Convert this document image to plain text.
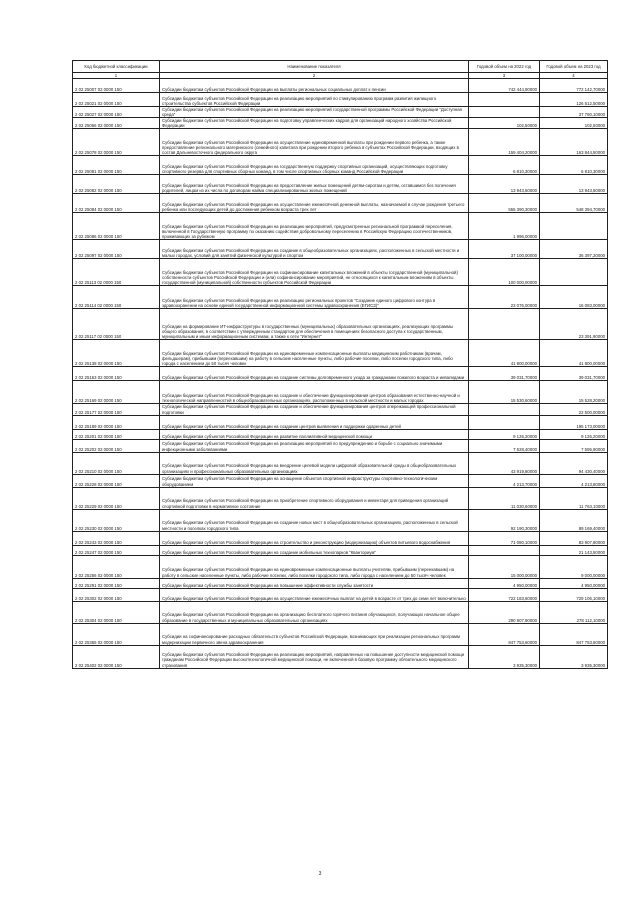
Код бюджетной классификации	Наименование показателя	Годовой объем на 2022 год	Годовой объем на 2023 год
1	2	3	4
2 02 25007 02 0000 150	Субсидии бюджетам субъектов Российской Федерации на выплаты региональных социальных доплат к пенсии	742 444,90000	772 142,70000
2 02 25021 02 0000 150	Субсидии бюджетам субъектов Российской Федерации на реализацию мероприятий по стимулированию программ развития жилищного строительства субъектов Российской Федерации		126 512,50000
2 02 25027 02 0000 150	Субсидии бюджетам субъектов Российской Федерации на реализацию мероприятий государственной программы Российской Федерации "Доступная среда"		37 760,10000
2 02 25066 02 0000 150	Субсидии бюджетам субъектов Российской Федерации на подготовку управленческих кадров для организаций народного хозяйства Российской Федерации	102,50000	102,50000
2 02 25078 02 0000 150	Субсидии бюджетам субъектов Российской Федерации на осуществление единовременной выплаты при рождении первого ребенка, а также предоставление регионального материнского (семейного) капитала при рождении второго ребенка в субъектах Российской Федерации, входящих в состав Дальневосточного федерального округа	159 404,20000	163 844,50000
2 02 25081 02 0000 150	Субсидии бюджетам субъектов Российской Федерации на государственную поддержку спортивных организаций, осуществляющих подготовку спортивного резерва для спортивных сборных команд, в том числе спортивных сборных команд Российской Федерации	6 810,30000	6 810,30000
2 02 25082 02 0000 150	Субсидии бюджетам субъектов Российской Федерации на предоставление жилых помещений детям-сиротам и детям, оставшимся без попечения родителей, лицам из их числа по договорам найма специализированных жилых помещений	13 943,50000	13 943,50000
2 02 25084 02 0000 150	Субсидии бюджетам субъектов Российской Федерации на осуществление ежемесячной денежной выплаты, назначаемой в случае рождения третьего ребенка или последующих детей до достижения ребенком возраста трех лет	555 390,30000	548 394,70000
2 02 25086 02 0000 150	Субсидии бюджетам субъектов Российской Федерации на реализацию мероприятий, предусмотренных региональной программой переселения, включенной в Государственную программу по оказанию содействия добровольному переселению в Российскую Федерацию соотечественников, проживающих за рубежом	1 996,00000	
2 02 25097 02 0000 150	Субсидии бюджетам субъектов Российской Федерации на создание в общеобразовательных организациях, расположенных в сельской местности и малых городах, условий для занятий физической культурой и спортом	37 100,00000	36 397,20000
2 02 25113 02 0000 150	Субсидии бюджетам субъектов Российской Федерации на софинансирование капитальных вложений в объекты государственной (муниципальной) собственности субъектов Российской Федерации и (или) софинансирование мероприятий, не относящихся к капитальным вложениям в объекты государственной (муниципальной) собственности субъектов Российской Федерации	100 000,00000	
2 02 25114 02 0000 150	Субсидии бюджетам субъектов Российской Федерации на реализацию региональных проектов "Создание единого цифрового контура в здравоохранении на основе единой государственной информационной системы здравоохранения (ЕГИСЗ)"	23 076,00000	16 083,00000
2 02 25117 02 0000 150	Субсидии на формирование ИТ-инфраструктуры в государственных (муниципальных) образовательных организациях, реализующих программы общего образования, в соответствии с утвержденным стандартом для обеспечения в помещениях безопасного доступа к государственным, муниципальным и иным информационным системам, а также к сети "Интернет"		23 391,90000
2 02 25138 02 0000 150	Субсидии бюджетам субъектов Российской Федерации на единовременные компенсационные выплаты медицинским работникам (врачам, фельдшерам), прибывшим (переехавшим) на работу в сельские населенные пункты, либо рабочие поселки, либо поселки городского типа, либо города с населением до 50 тысяч человек	41 800,00000	41 800,00000
2 02 25163 02 0000 150	Субсидии бюджетам субъектов Российской Федерации на создание системы долговременного ухода за гражданами пожилого возраста и инвалидами	39 031,70000	39 031,70000
2 02 25169 02 0000 150	Субсидии бюджетам субъектов Российской Федерации на создание и обеспечение функционирования центров образования естественно-научной и технологической направленностей в общеобразовательных организациях, расположенных в сельской местности и малых городах	15 530,60000	15 528,20000
2 02 25177 02 0000 150	Субсидии бюджетам субъектов Российской Федерации на создание и обеспечение функционирования центров опережающей профессиональной подготовки		22 500,00000
2 02 25189 02 0000 150	Субсидии бюджетам субъектов Российской Федерации на создание центров выявления и поддержки одаренных детей		195 173,00000
2 02 25201 02 0000 150	Субсидии бюджетам субъектов Российской Федерации на развитие паллиативной медицинской помощи	9 126,20000	9 126,20000
2 02 25202 02 0000 150	Субсидии бюджетам субъектов Российской Федерации на реализацию мероприятий по предупреждению и борьбе с социально значимыми инфекционными заболеваниями	7 528,40000	7 595,90000
2 02 25210 02 0000 150	Субсидии бюджетам субъектов Российской Федерации на внедрение целевой модели цифровой образовательной среды в общеобразовательных организациях и профессиональных образовательных организациях	43 919,80000	94 430,40000
2 02 25228 02 0000 150	Субсидии бюджетам субъектов Российской Федерации на оснащение объектов спортивной инфраструктуры спортивно-технологическим оборудованием	4 213,70000	4 213,80000
2 02 25229 02 0000 150	Субсидии бюджетам субъектов Российской Федерации на приобретение спортивного оборудования и инвентаря для приведения организаций спортивной подготовки в нормативное состояние	11 030,60000	11 763,10000
2 02 25230 02 0000 150	Субсидии бюджетам субъектов Российской Федерации на создание новых мест в общеобразовательных организациях, расположенных в сельской местности и поселках городского типа	92 190,30000	89 169,40000
2 02 25243 02 0000 150	Субсидии бюджетам субъектов Российской Федерации на строительство и реконструкцию (модернизацию) объектов питьевого водоснабжения	71 080,10000	83 907,80000
2 02 25247 02 0000 150	Субсидии бюджетам субъектов Российской Федерации на создание мобильных технопарков "Кванториум"		21 143,50000
2 02 25256 02 0000 150	Субсидии бюджетам субъектов Российской Федерации на единовременные компенсационные выплаты учителям, прибывшим (переехавшим) на работу в сельские населенные пункты, либо рабочие поселки, либо поселки городского типа, либо города с населением до 50 тысяч человек	15 000,00000	9 000,00000
2 02 25291 02 0000 150	Субсидии бюджетам субъектов Российской Федерации на повышение эффективности службы занятости	4 950,00000	4 950,00000
2 02 25302 02 0000 150	Субсидии бюджетам субъектов Российской Федерации на осуществление ежемесячных выплат на детей в возрасте от трех до семи лет включительно	722 183,60000	729 106,10000
2 02 25304 02 0000 150	Субсидии бюджетам субъектов Российской Федерации на организацию бесплатного горячего питания обучающихся, получающих начальное общее образование в государственных и муниципальных образовательных организациях	290 907,90000	278 112,10000
2 02 25365 02 0000 150	Субсидии на софинансирование расходных обязательств субъектов Российской Федерации, возникающих при реализации региональных программ модернизации первичного звена здравоохранения	847 753,60000	847 753,60000
2 02 25402 02 0000 150	Субсидии бюджетам субъектов Российской Федерации на реализацию мероприятий, направленных на повышение доступности медицинской помощи гражданам Российской Федерации высокотехнологичной медицинской помощи, не включенной в базовую программу обязательного медицинского страхования	3 935,30000	3 935,30000
3
